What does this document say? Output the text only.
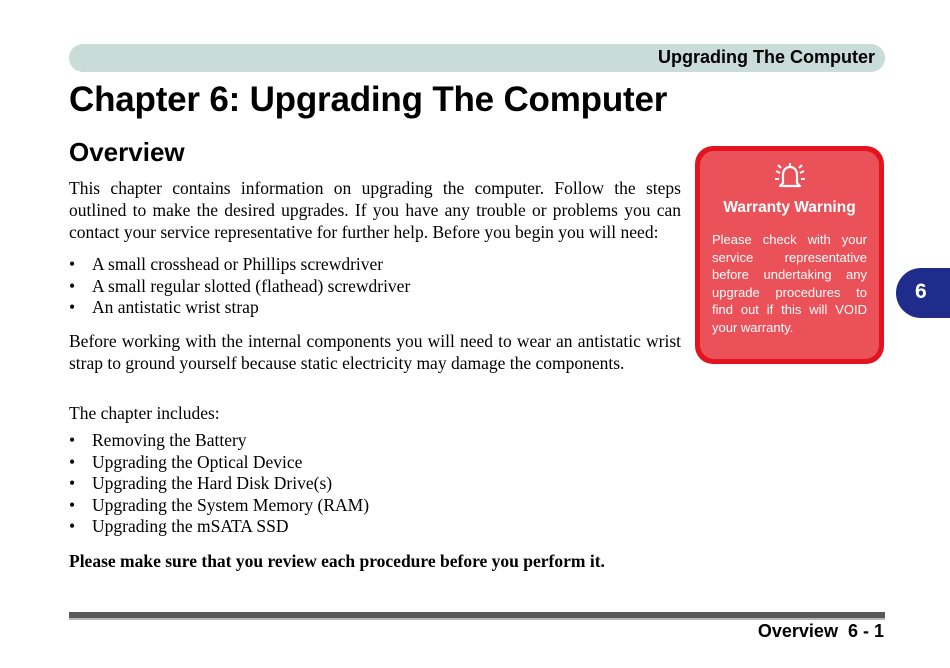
Upgrading The Computer
Chapter 6: Upgrading The Computer
Overview

This chapter contains information on upgrading the computer. Follow the steps outlined to make the desired upgrades. If you have any trouble or problems you can contact your service representative for further help. Before you begin you will need:

• A small crosshead or Phillips screwdriver
• A small regular slotted (flathead) screwdriver
• An antistatic wrist strap

Before working with the internal components you will need to wear an antistatic wrist strap to ground yourself because static electricity may damage the components.

The chapter includes:

• Removing the Battery
• Upgrading the Optical Device
• Upgrading the Hard Disk Drive(s)
• Upgrading the System Memory (RAM)
• Upgrading the mSATA SSD

Please make sure that you review each procedure before you perform it.

Warranty Warning
Please check with your service representative before undertaking any upgrade procedures to find out if this will VOID your warranty.
6
Overview 6 - 1
